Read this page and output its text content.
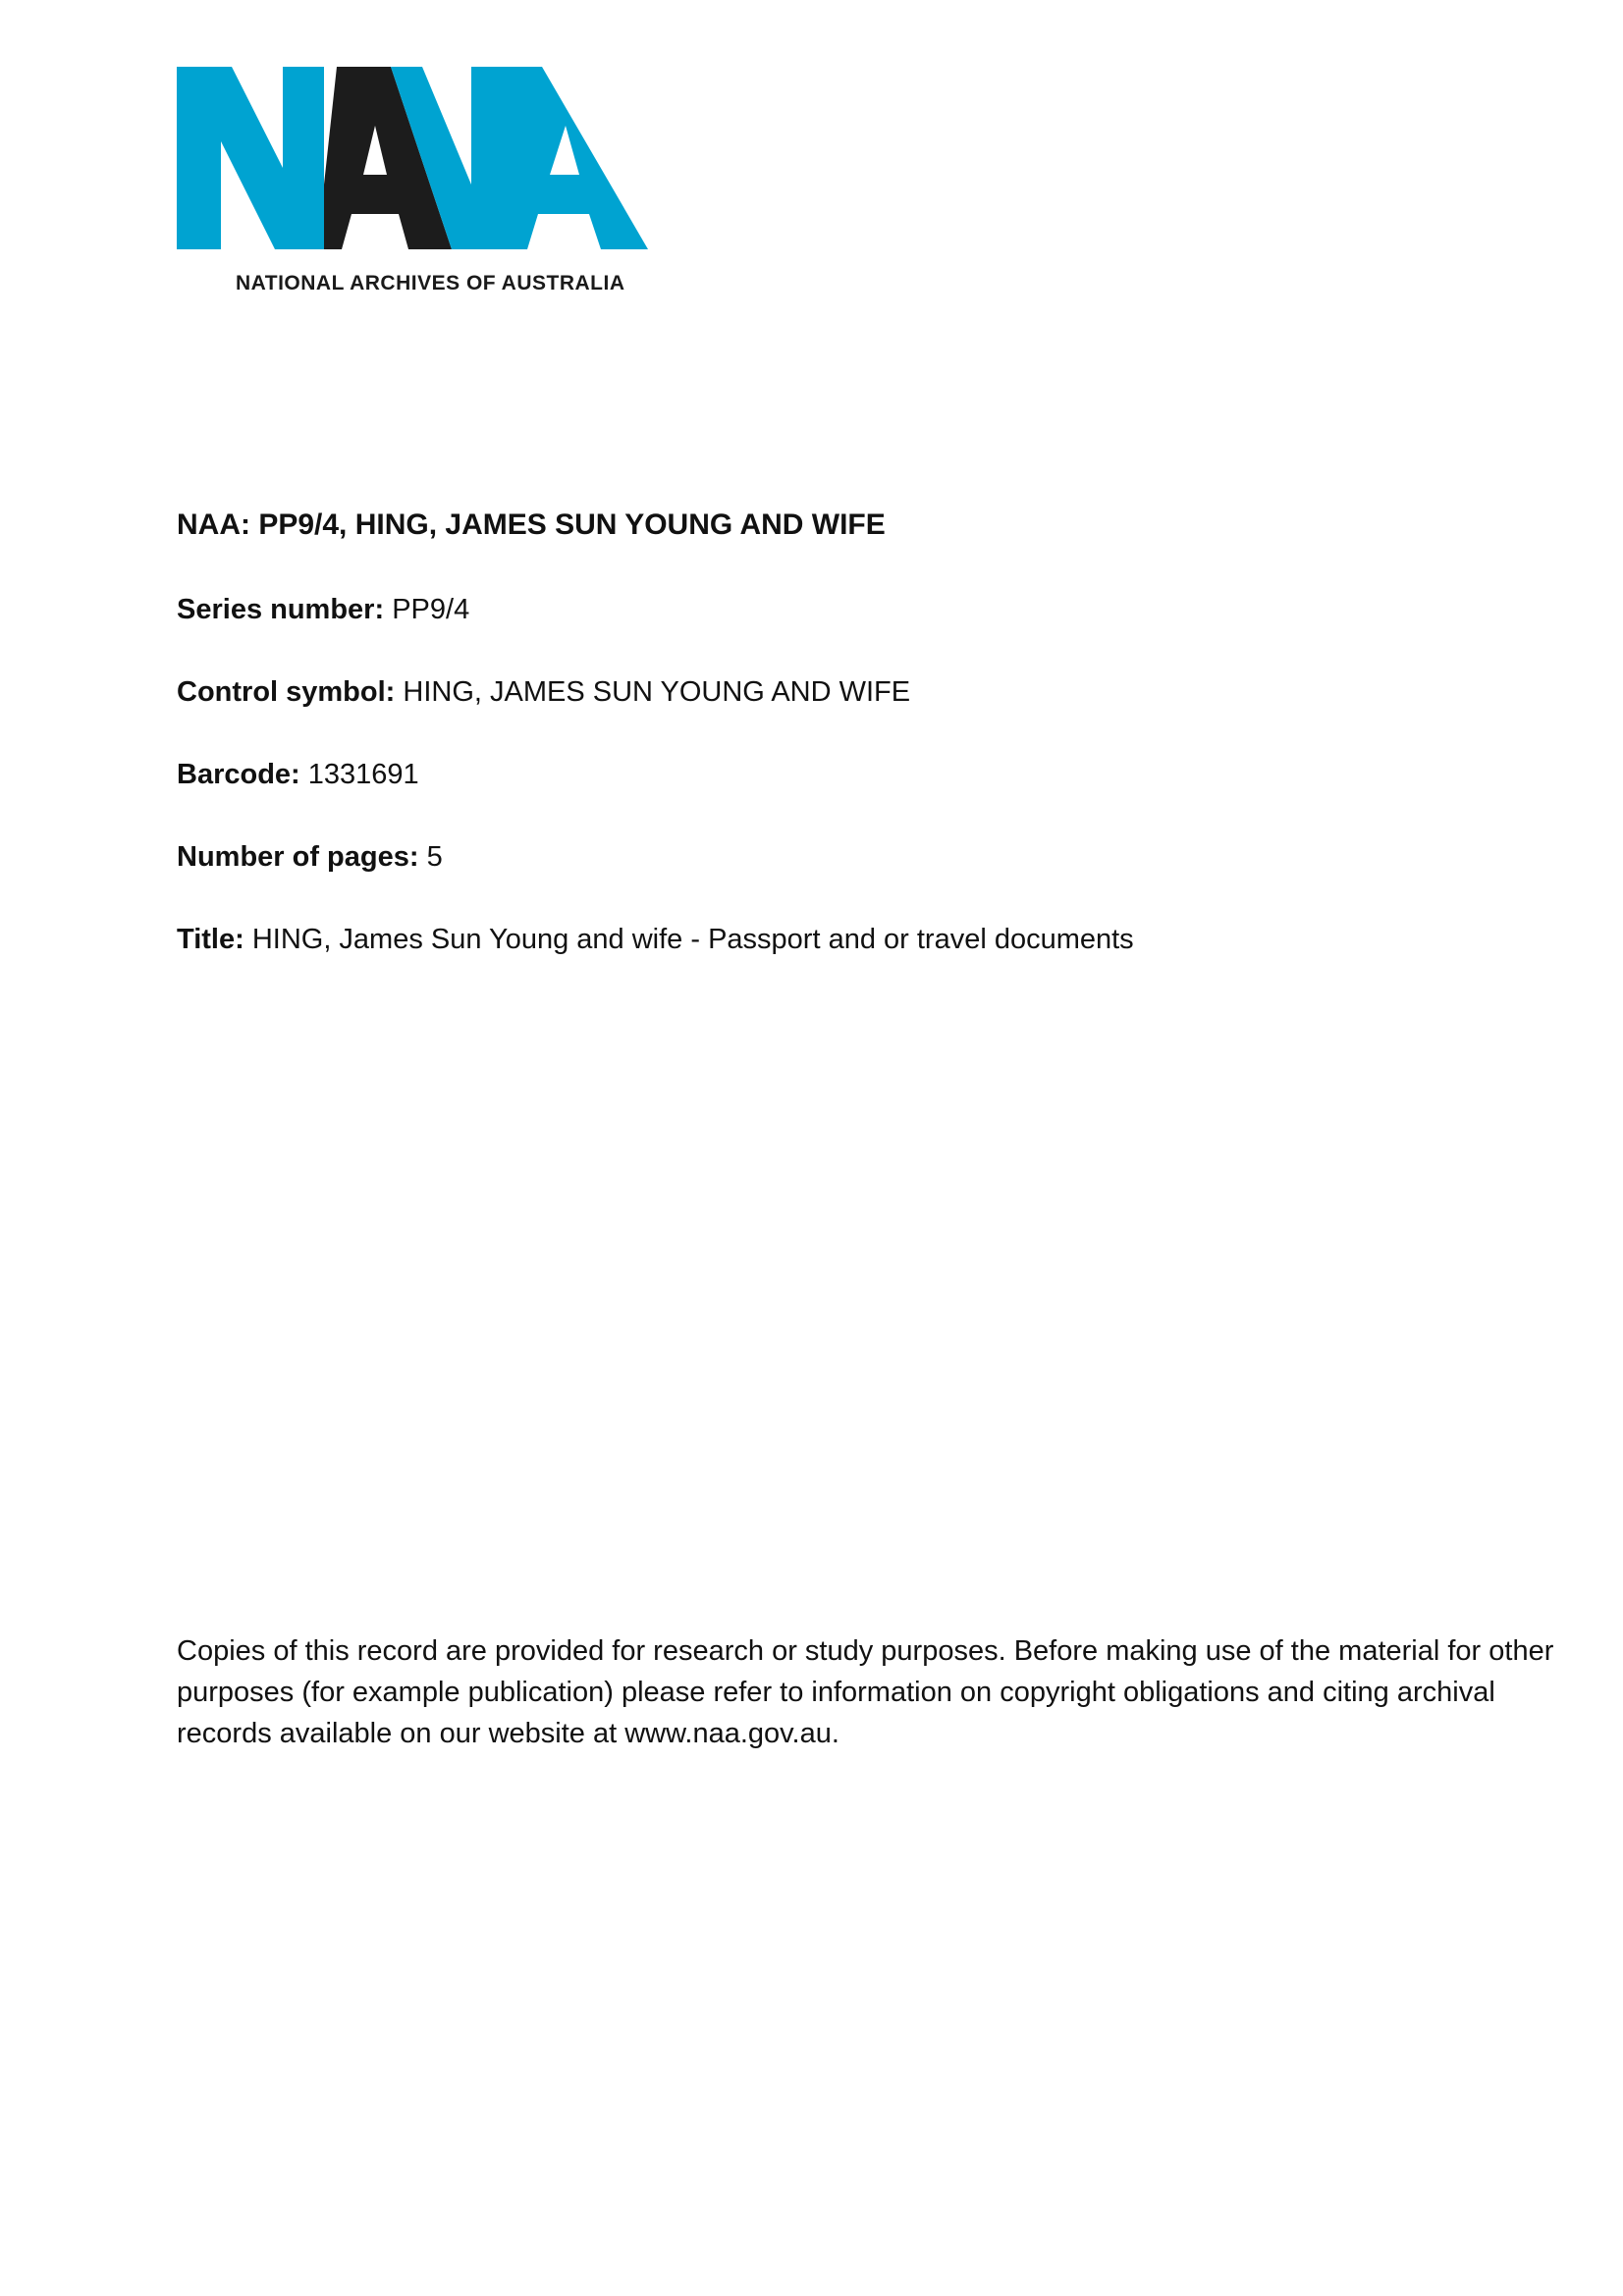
NATIONAL ARCHIVES OF AUSTRALIA
NAA: PP9/4, HING, JAMES SUN YOUNG AND WIFE

Series number: PP9/4

Control symbol: HING, JAMES SUN YOUNG AND WIFE

Barcode: 1331691

Number of pages: 5

Title: HING, James Sun Young and wife - Passport and or travel documents

Copies of this record are provided for research or study purposes. Before making use of the material for other purposes (for example publication) please refer to information on copyright obligations and citing archival records available on our website at www.naa.gov.au.
